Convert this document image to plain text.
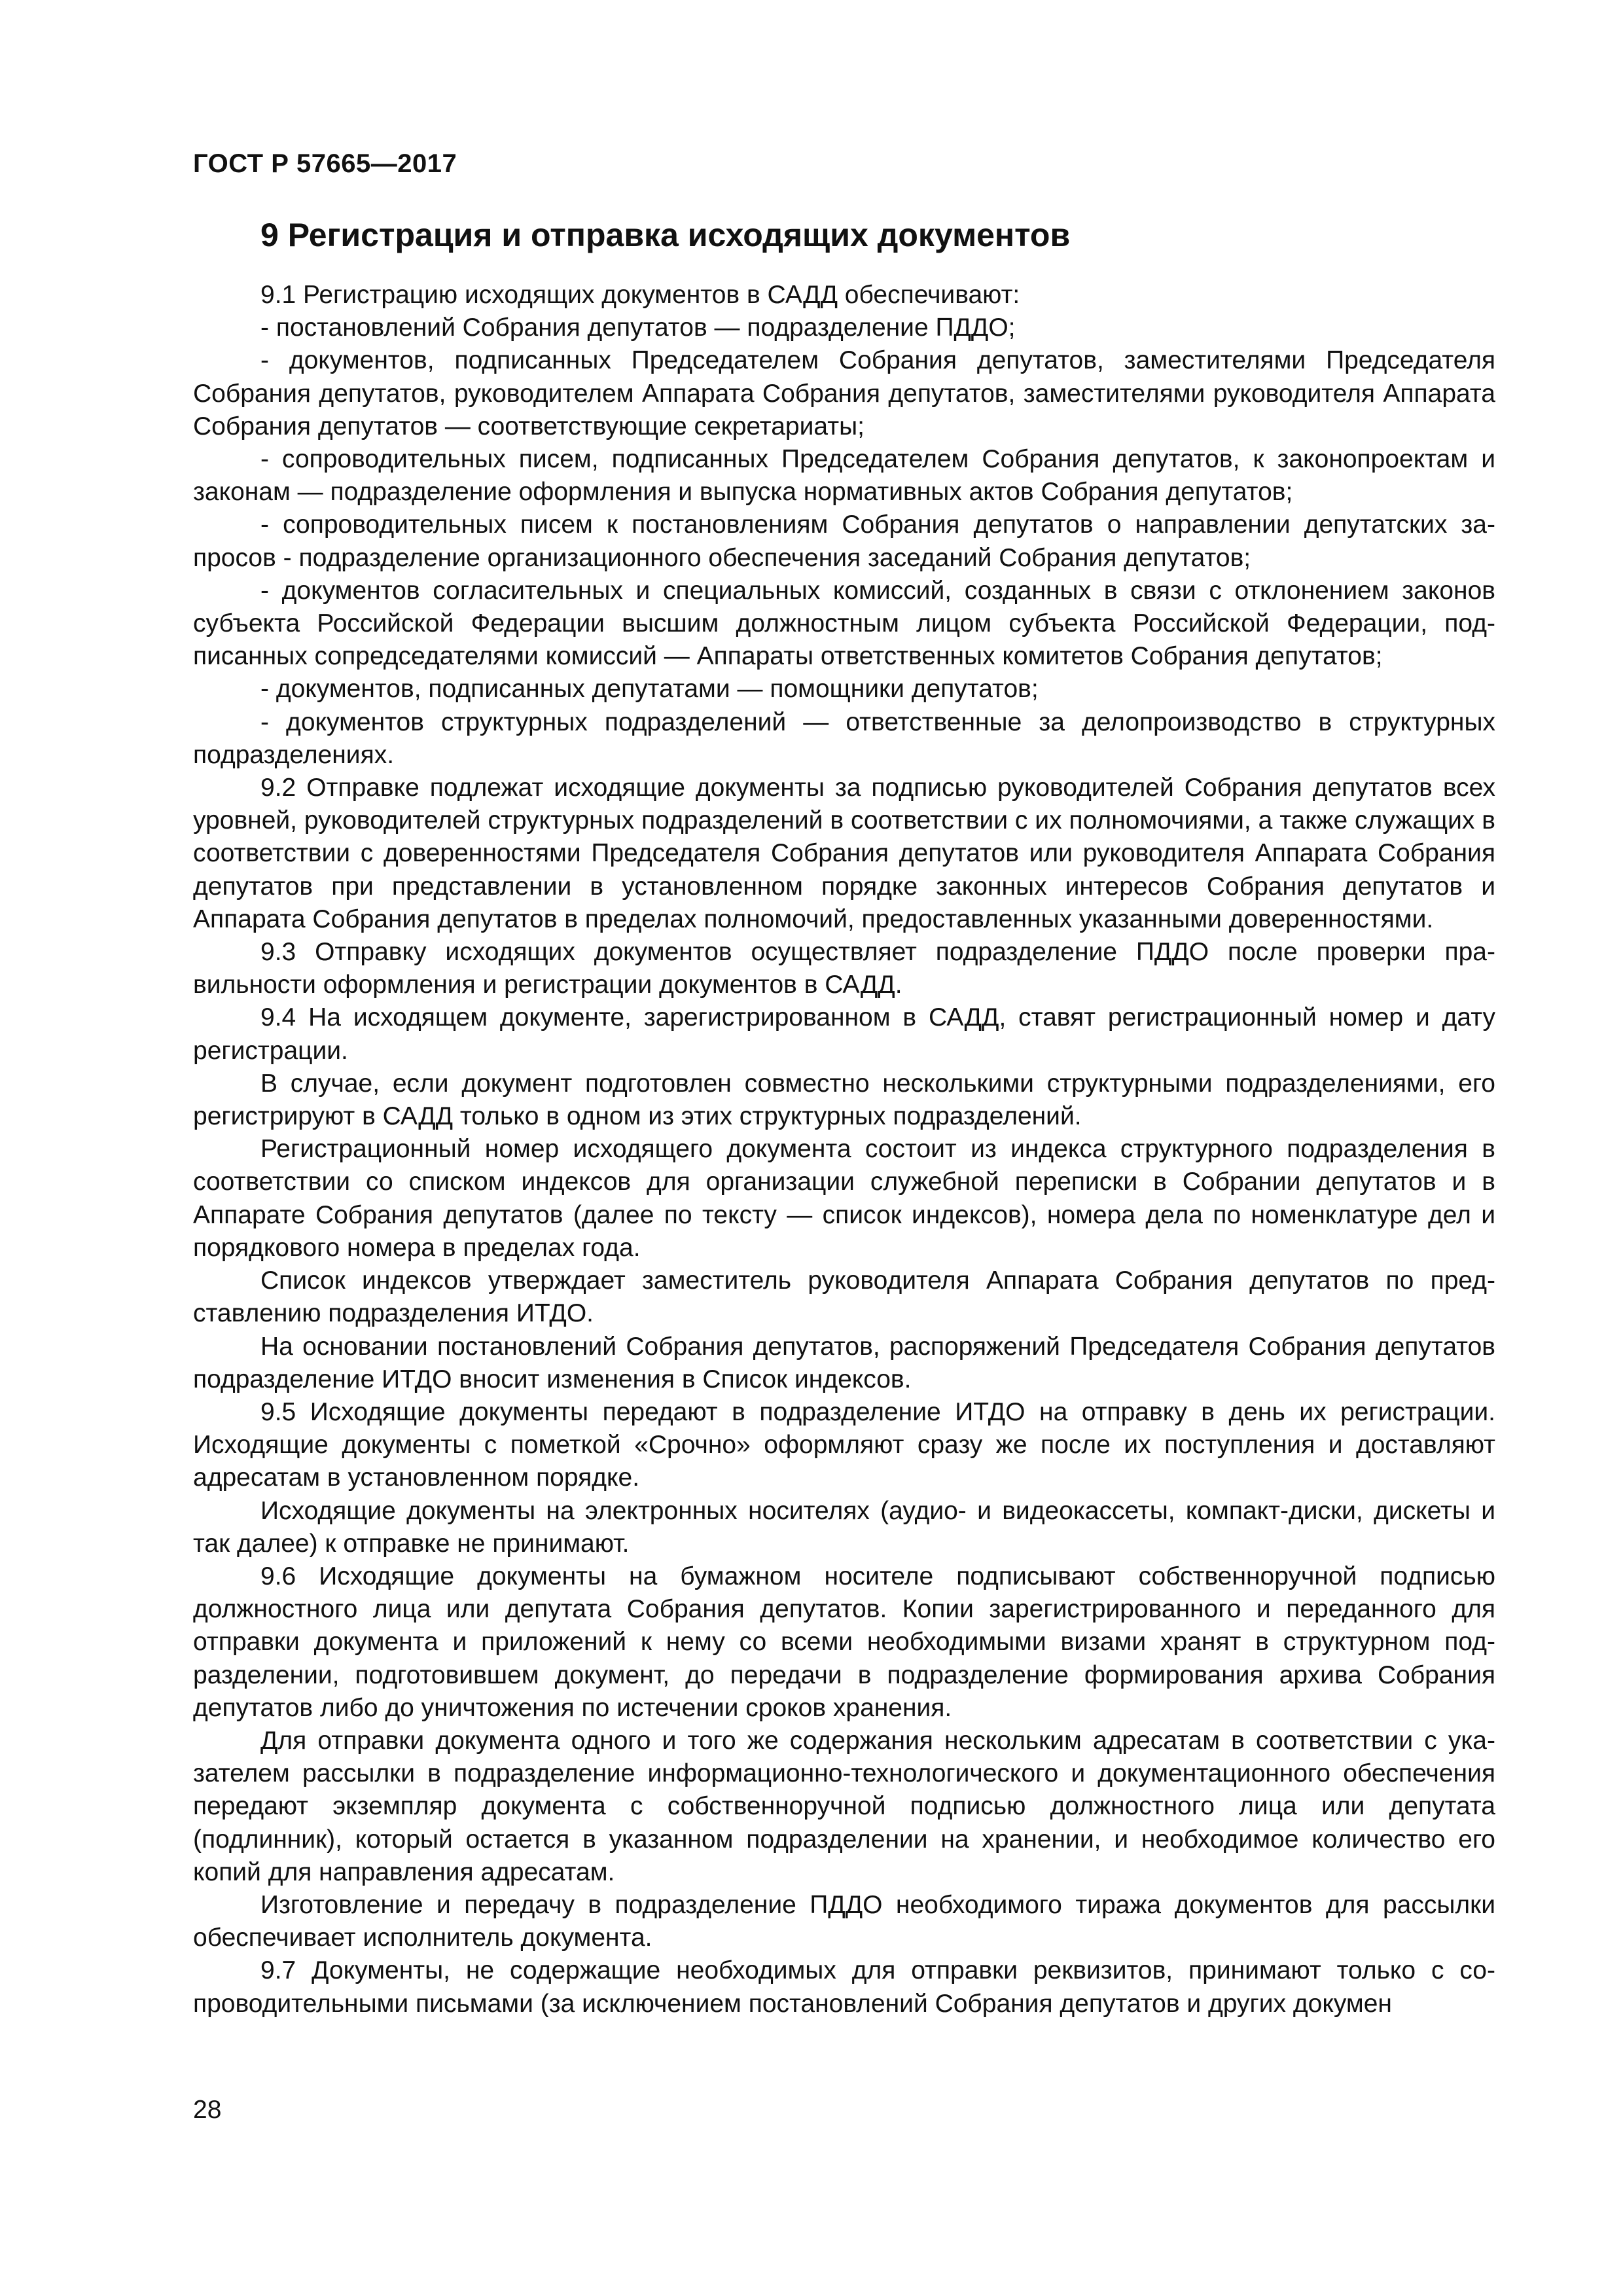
ГОСТ Р 57665—2017
9 Регистрация и отправка исходящих документов

9.1 Регистрацию исходящих документов в САДД обеспечивают:

- постановлений Собрания депутатов — подразделение ПДДО;

- документов, подписанных Председателем Собрания депутатов, заместителями Председателя Собрания депутатов, руководителем Аппарата Собрания депутатов, заместителями руководителя Аппарата Собрания депутатов — соответствующие секретариаты;

- сопроводительных писем, подписанных Председателем Собрания депутатов, к законопроектам и законам — подразделение оформления и выпуска нормативных актов Собрания депутатов;

- сопроводительных писем к постановлениям Собрания депутатов о направлении депутатских запросов - подразделение организационного обеспечения заседаний Собрания депутатов;

- документов согласительных и специальных комиссий, созданных в связи с отклонением законов субъекта Российской Федерации высшим должностным лицом субъекта Российской Федерации, подписанных сопредседателями комиссий — Аппараты ответственных комитетов Собрания депутатов;

- документов, подписанных депутатами — помощники депутатов;

- документов структурных подразделений — ответственные за делопроизводство в структурных подразделениях.

9.2 Отправке подлежат исходящие документы за подписью руководителей Собрания депутатов всех уровней, руководителей структурных подразделений в соответствии с их полномочиями, а также служащих в соответствии с доверенностями Председателя Собрания депутатов или руководителя Аппарата Собрания депутатов при представлении в установленном порядке законных интересов Собрания депутатов и Аппарата Собрания депутатов в пределах полномочий, предоставленных указанными доверенностями.

9.3 Отправку исходящих документов осуществляет подразделение ПДДО после проверки правильности оформления и регистрации документов в САДД.

9.4 На исходящем документе, зарегистрированном в САДД, ставят регистрационный номер и дату регистрации.

В случае, если документ подготовлен совместно несколькими структурными подразделениями, его регистрируют в САДД только в одном из этих структурных подразделений.

Регистрационный номер исходящего документа состоит из индекса структурного подразделения в соответствии со списком индексов для организации служебной переписки в Собрании депутатов и в Аппарате Собрания депутатов (далее по тексту — список индексов), номера дела по номенклатуре дел и порядкового номера в пределах года.

Список индексов утверждает заместитель руководителя Аппарата Собрания депутатов по представлению подразделения ИТДО.

На основании постановлений Собрания депутатов, распоряжений Председателя Собрания депутатов подразделение ИТДО вносит изменения в Список индексов.

9.5 Исходящие документы передают в подразделение ИТДО на отправку в день их регистрации. Исходящие документы с пометкой «Срочно» оформляют сразу же после их поступления и доставляют адресатам в установленном порядке.

Исходящие документы на электронных носителях (аудио- и видеокассеты, компакт-диски, дискеты и так далее) к отправке не принимают.

9.6 Исходящие документы на бумажном носителе подписывают собственноручной подписью должностного лица или депутата Собрания депутатов. Копии зарегистрированного и переданного для отправки документа и приложений к нему со всеми необходимыми визами хранят в структурном подразделении, подготовившем документ, до передачи в подразделение формирования архива Собрания депутатов либо до уничтожения по истечении сроков хранения.

Для отправки документа одного и того же содержания нескольким адресатам в соответствии с указателем рассылки в подразделение информационно-технологического и документационного обеспечения передают экземпляр документа с собственноручной подписью должностного лица или депутата (подлинник), который остается в указанном подразделении на хранении, и необходимое количество его копий для направления адресатам.

Изготовление и передачу в подразделение ПДДО необходимого тиража документов для рассылки обеспечивает исполнитель документа.

9.7 Документы, не содержащие необходимых для отправки реквизитов, принимают только с сопроводительными письмами (за исключением постановлений Собрания депутатов и других докумен

28
